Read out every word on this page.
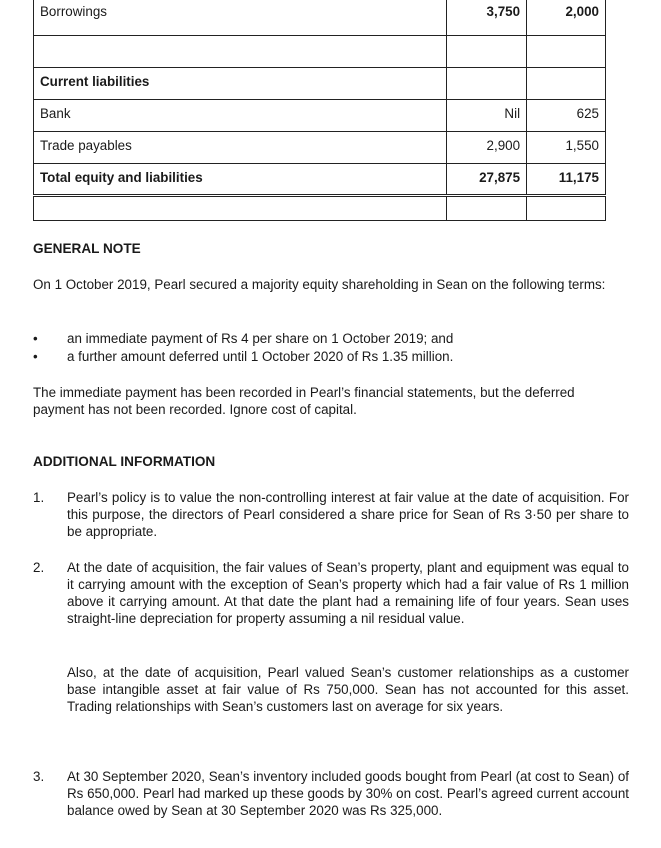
Borrowings	3,750	2,000

Current liabilities		
Bank	Nil	625
Trade payables	2,900	1,550
Total equity and liabilities	27,875	11,175

GENERAL NOTE
On 1 October 2019, Pearl secured a majority equity shareholding in Sean on the following terms:
•	an immediate payment of Rs 4 per share on 1 October 2019; and
•	a further amount deferred until 1 October 2020 of Rs 1.35 million.
The immediate payment has been recorded in Pearl’s financial statements, but the deferred payment has not been recorded. Ignore cost of capital.
ADDITIONAL INFORMATION
1. Pearl’s policy is to value the non-controlling interest at fair value at the date of acquisition. For this purpose, the directors of Pearl considered a share price for Sean of Rs 3·50 per share to be appropriate.
2. At the date of acquisition, the fair values of Sean’s property, plant and equipment was equal to it carrying amount with the exception of Sean’s property which had a fair value of Rs 1 million above it carrying amount. At that date the plant had a remaining life of four years. Sean uses straight-line depreciation for property assuming a nil residual value.
Also, at the date of acquisition, Pearl valued Sean’s customer relationships as a customer base intangible asset at fair value of Rs 750,000. Sean has not accounted for this asset. Trading relationships with Sean’s customers last on average for six years.
3. At 30 September 2020, Sean’s inventory included goods bought from Pearl (at cost to Sean) of Rs 650,000. Pearl had marked up these goods by 30% on cost. Pearl’s agreed current account balance owed by Sean at 30 September 2020 was Rs 325,000.
